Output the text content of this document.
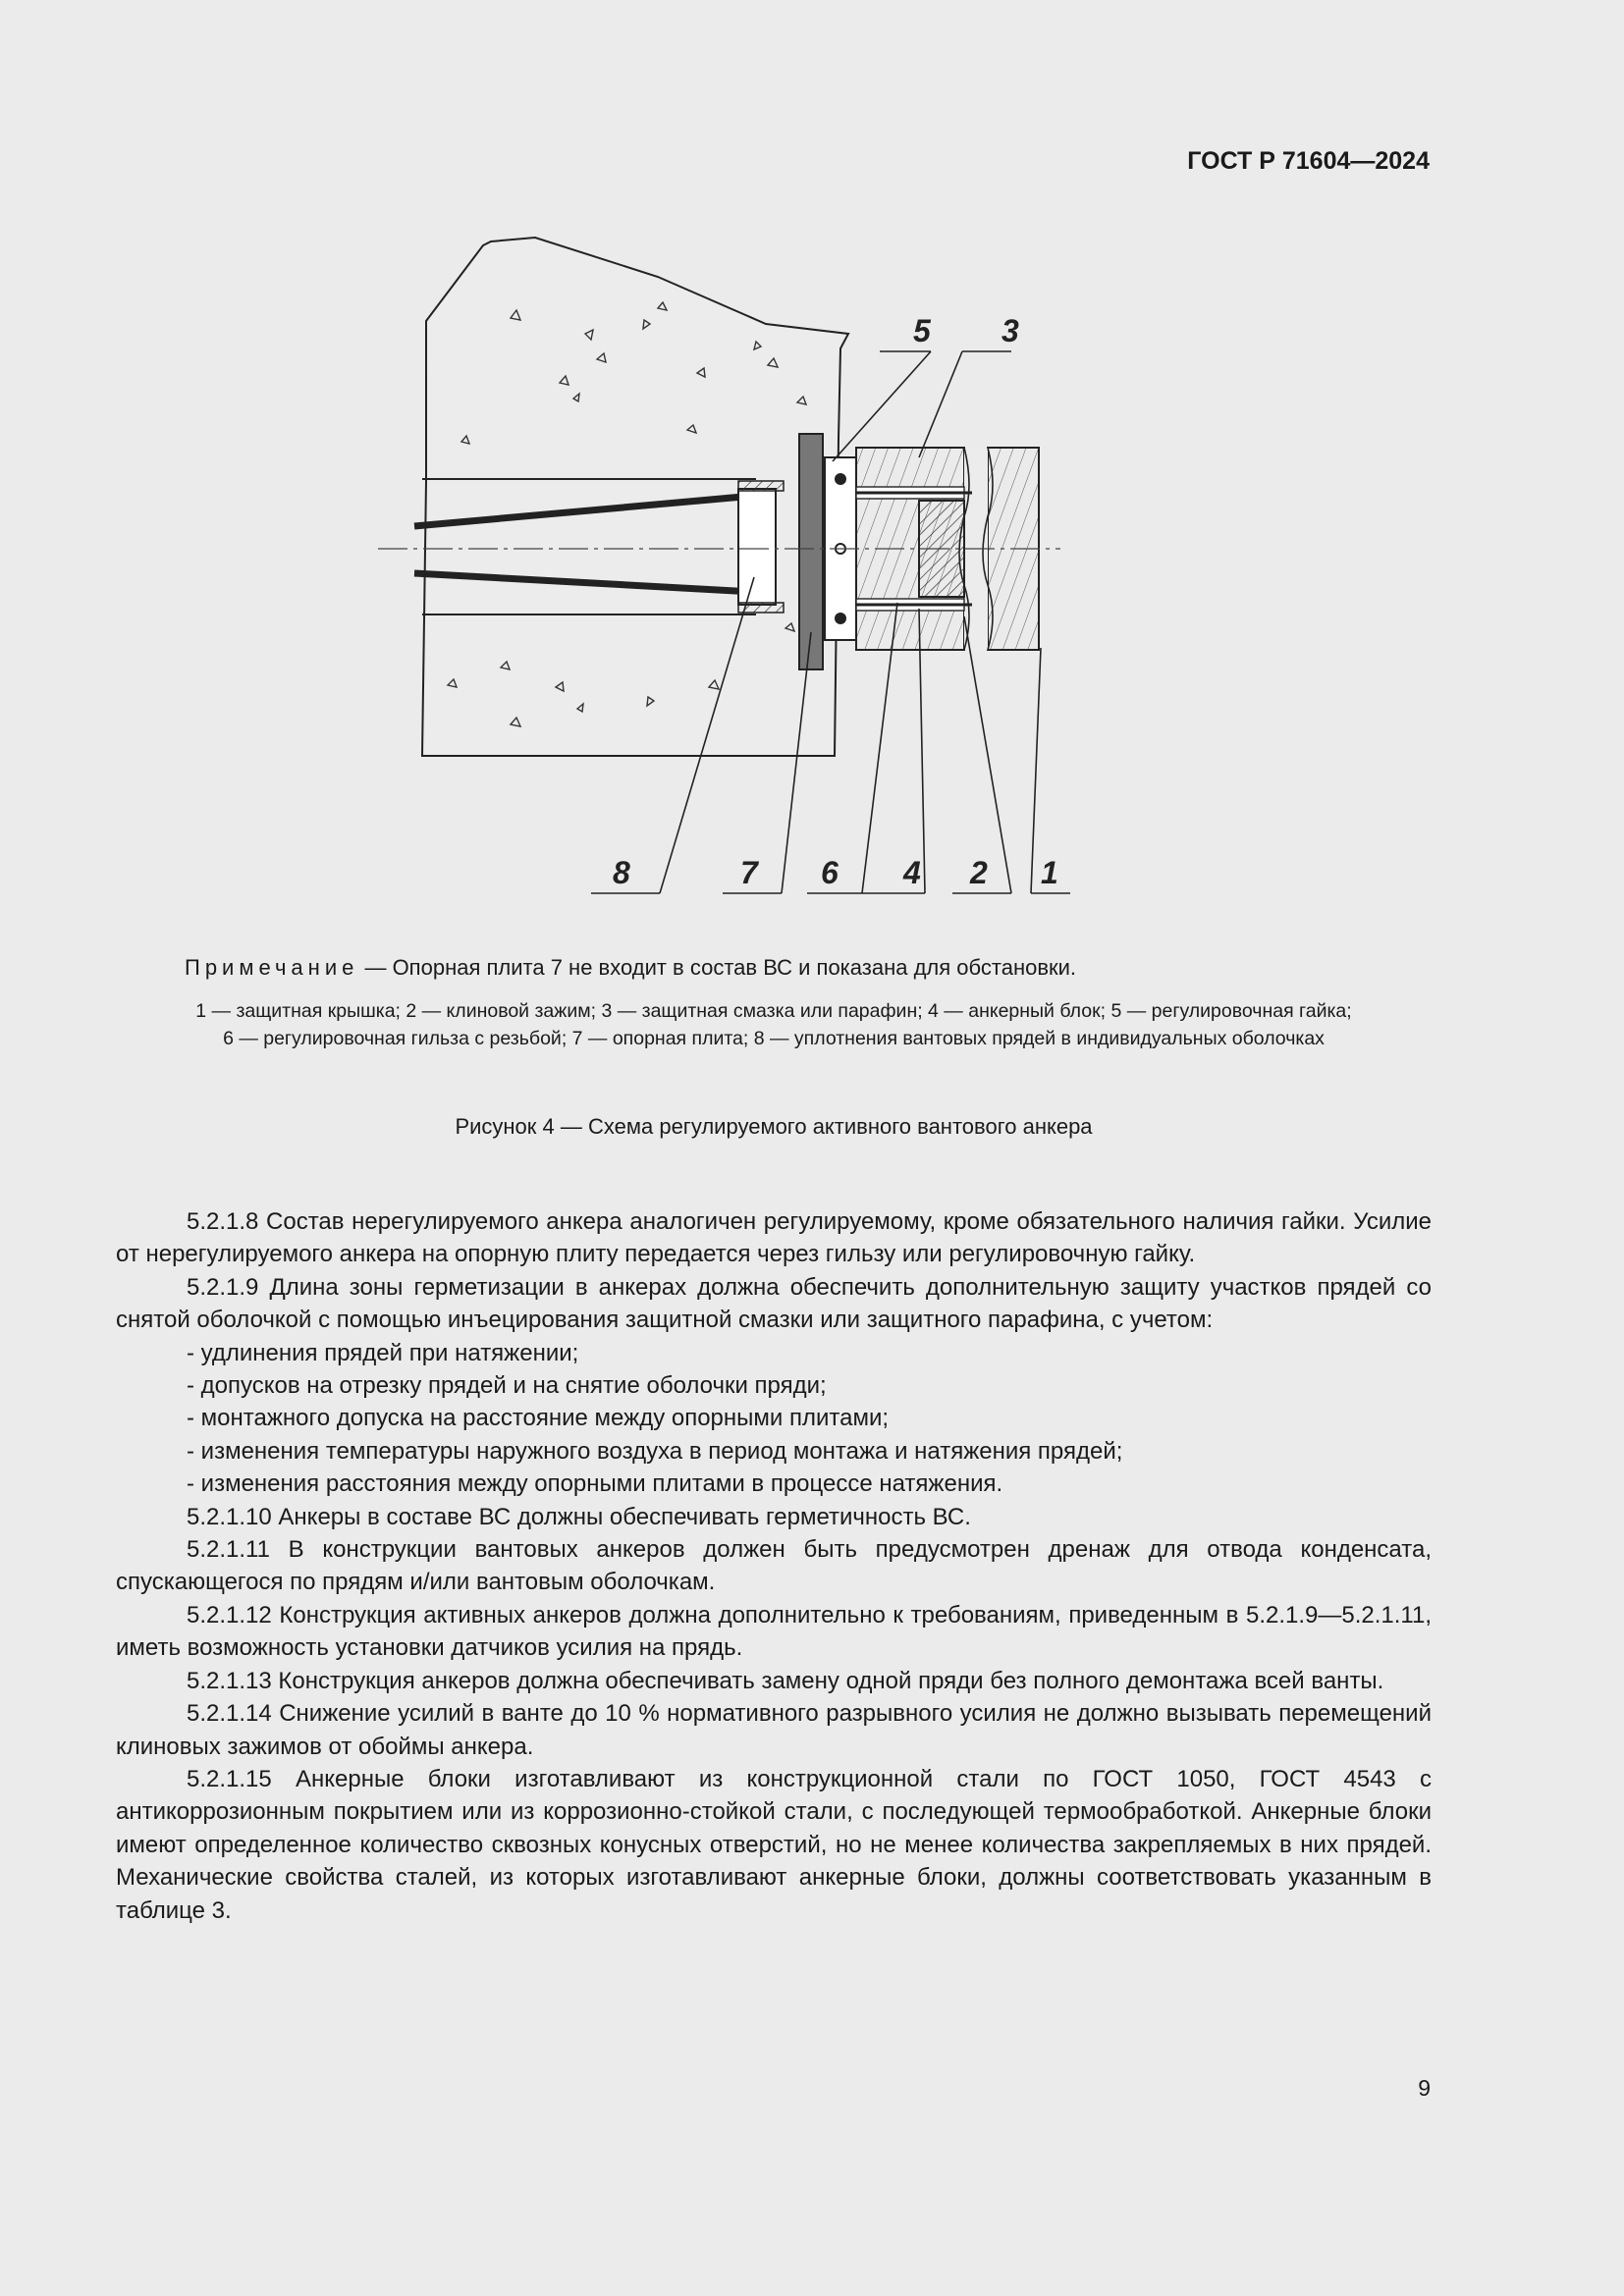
ГОСТ Р 71604—2024
5 3
8	7 6 4 2 1
Примечание — Опорная плита 7 не входит в состав ВС и показана для обстановки.
1 — защитная крышка; 2 — клиновой зажим; 3 — защитная смазка или парафин; 4 — анкерный блок; 5 — регулировочная гайка;
6 — регулировочная гильза с резьбой; 7 — опорная плита; 8 — уплотнения вантовых прядей в индивидуальных оболочках
Рисунок 4 — Схема регулируемого активного вантового анкера

5.2.1.8 Состав нерегулируемого анкера аналогичен регулируемому, кроме обязательного наличия гайки. Усилие от нерегулируемого анкера на опорную плиту передается через гильзу или регулировочную гайку.

5.2.1.9 Длина зоны герметизации в анкерах должна обеспечить дополнительную защиту участков прядей со снятой оболочкой с помощью инъецирования защитной смазки или защитного парафина, с учетом:

- удлинения прядей при натяжении;

- допусков на отрезку прядей и на снятие оболочки пряди;

- монтажного допуска на расстояние между опорными плитами;

- изменения температуры наружного воздуха в период монтажа и натяжения прядей;

- изменения расстояния между опорными плитами в процессе натяжения.

5.2.1.10 Анкеры в составе ВС должны обеспечивать герметичность ВС.

5.2.1.11 В конструкции вантовых анкеров должен быть предусмотрен дренаж для отвода конденсата, спускающегося по прядям и/или вантовым оболочкам.

5.2.1.12 Конструкция активных анкеров должна дополнительно к требованиям, приведенным в 5.2.1.9—5.2.1.11, иметь возможность установки датчиков усилия на прядь.

5.2.1.13 Конструкция анкеров должна обеспечивать замену одной пряди без полного демонтажа всей ванты.

5.2.1.14 Снижение усилий в ванте до 10 % нормативного разрывного усилия не должно вызывать перемещений клиновых зажимов от обоймы анкера.

5.2.1.15 Анкерные блоки изготавливают из конструкционной стали по ГОСТ 1050, ГОСТ 4543 с антикоррозионным покрытием или из коррозионно-стойкой стали, с последующей термообработкой. Анкерные блоки имеют определенное количество сквозных конусных отверстий, но не менее количества закрепляемых в них прядей. Механические свойства сталей, из которых изготавливают анкерные блоки, должны соответствовать указанным в таблице 3.

9
